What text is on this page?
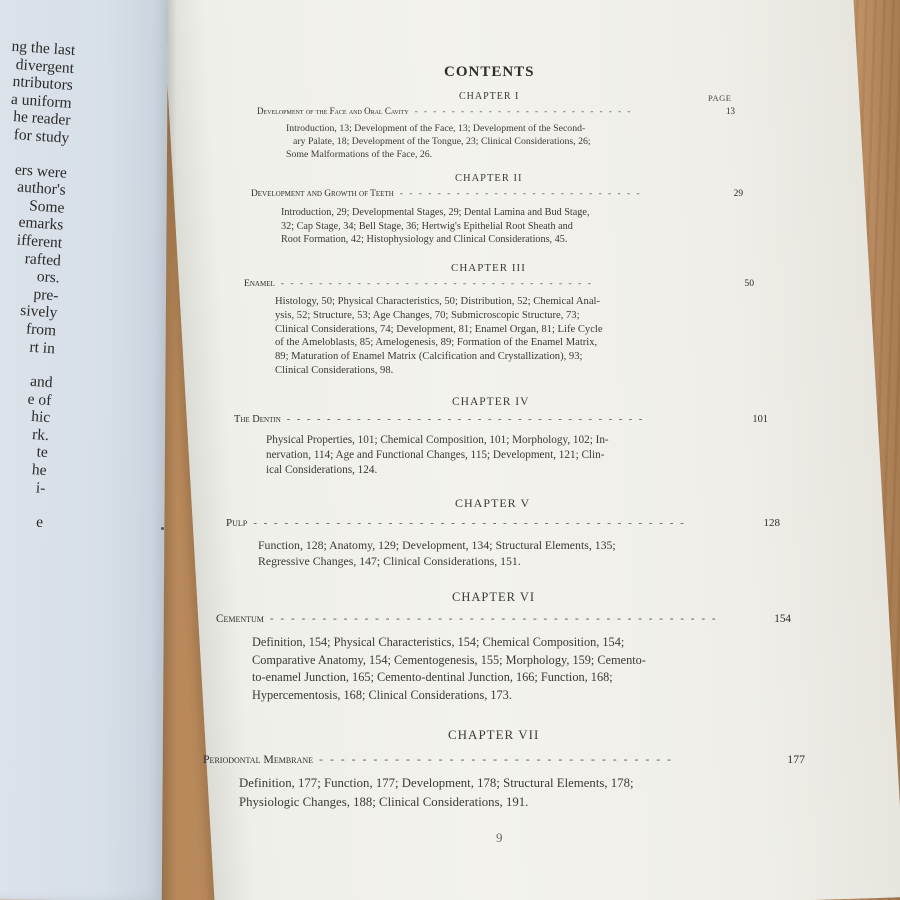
ng the last
divergent
ntributors
a uniform
he reader
for study
ers were
author's
Some
emarks
ifferent
rafted
ors.
pre-
sively
from
rt in
and
e of
hic
rk.
te
he
i-
e
CONTENTS
PAGE
CHAPTER I
Development of the Face and Oral Cavity - - - - - - - - - - - - - - - - - - - - - - - -	13
Introduction, 13; Development of the Face, 13; Development of the Second-
ary Palate, 18; Development of the Tongue, 23; Clinical Considerations, 26;
Some Malformations of the Face, 26.
CHAPTER II
Development and Growth of Teeth - - - - - - - - - - - - - - - - - - - - - - - - - -	29
Introduction, 29; Developmental Stages, 29; Dental Lamina and Bud Stage,
32; Cap Stage, 34; Bell Stage, 36; Hertwig's Epithelial Root Sheath and
Root Formation, 42; Histophysiology and Clinical Considerations, 45.
CHAPTER III
Enamel - - - - - - - - - - - - - - - - - - - - - - - - - - - - - - - - -	50
Histology, 50; Physical Characteristics, 50; Distribution, 52; Chemical Anal-
ysis, 52; Structure, 53; Age Changes, 70; Submicroscopic Structure, 73;
Clinical Considerations, 74; Development, 81; Enamel Organ, 81; Life Cycle
of the Ameloblasts, 85; Amelogenesis, 89; Formation of the Enamel Matrix,
89; Maturation of Enamel Matrix (Calcification and Crystallization), 93;
Clinical Considerations, 98.
CHAPTER IV
The Dentin - - - - - - - - - - - - - - - - - - - - - - - - - - - - - - - - - - - -	101
Physical Properties, 101; Chemical Composition, 101; Morphology, 102; In-
nervation, 114; Age and Functional Changes, 115; Development, 121; Clin-
ical Considerations, 124.
CHAPTER V
Pulp - - - - - - - - - - - - - - - - - - - - - - - - - - - - - - - - - - - - - - - - - -	128
Function, 128; Anatomy, 129; Development, 134; Structural Elements, 135;
Regressive Changes, 147; Clinical Considerations, 151.
CHAPTER VI
Cementum - - - - - - - - - - - - - - - - - - - - - - - - - - - - - - - - - - - - - - - - - - -	154
Definition, 154; Physical Characteristics, 154; Chemical Composition, 154;
Comparative Anatomy, 154; Cementogenesis, 155; Morphology, 159; Cemento-
to-enamel Junction, 165; Cemento-dentinal Junction, 166; Function, 168;
Hypercementosis, 168; Clinical Considerations, 173.
CHAPTER VII
Periodontal Membrane - - - - - - - - - - - - - - - - - - - - - - - - - - - - - - - - -	177
Definition, 177; Function, 177; Development, 178; Structural Elements, 178;
Physiologic Changes, 188; Clinical Considerations, 191.
9
